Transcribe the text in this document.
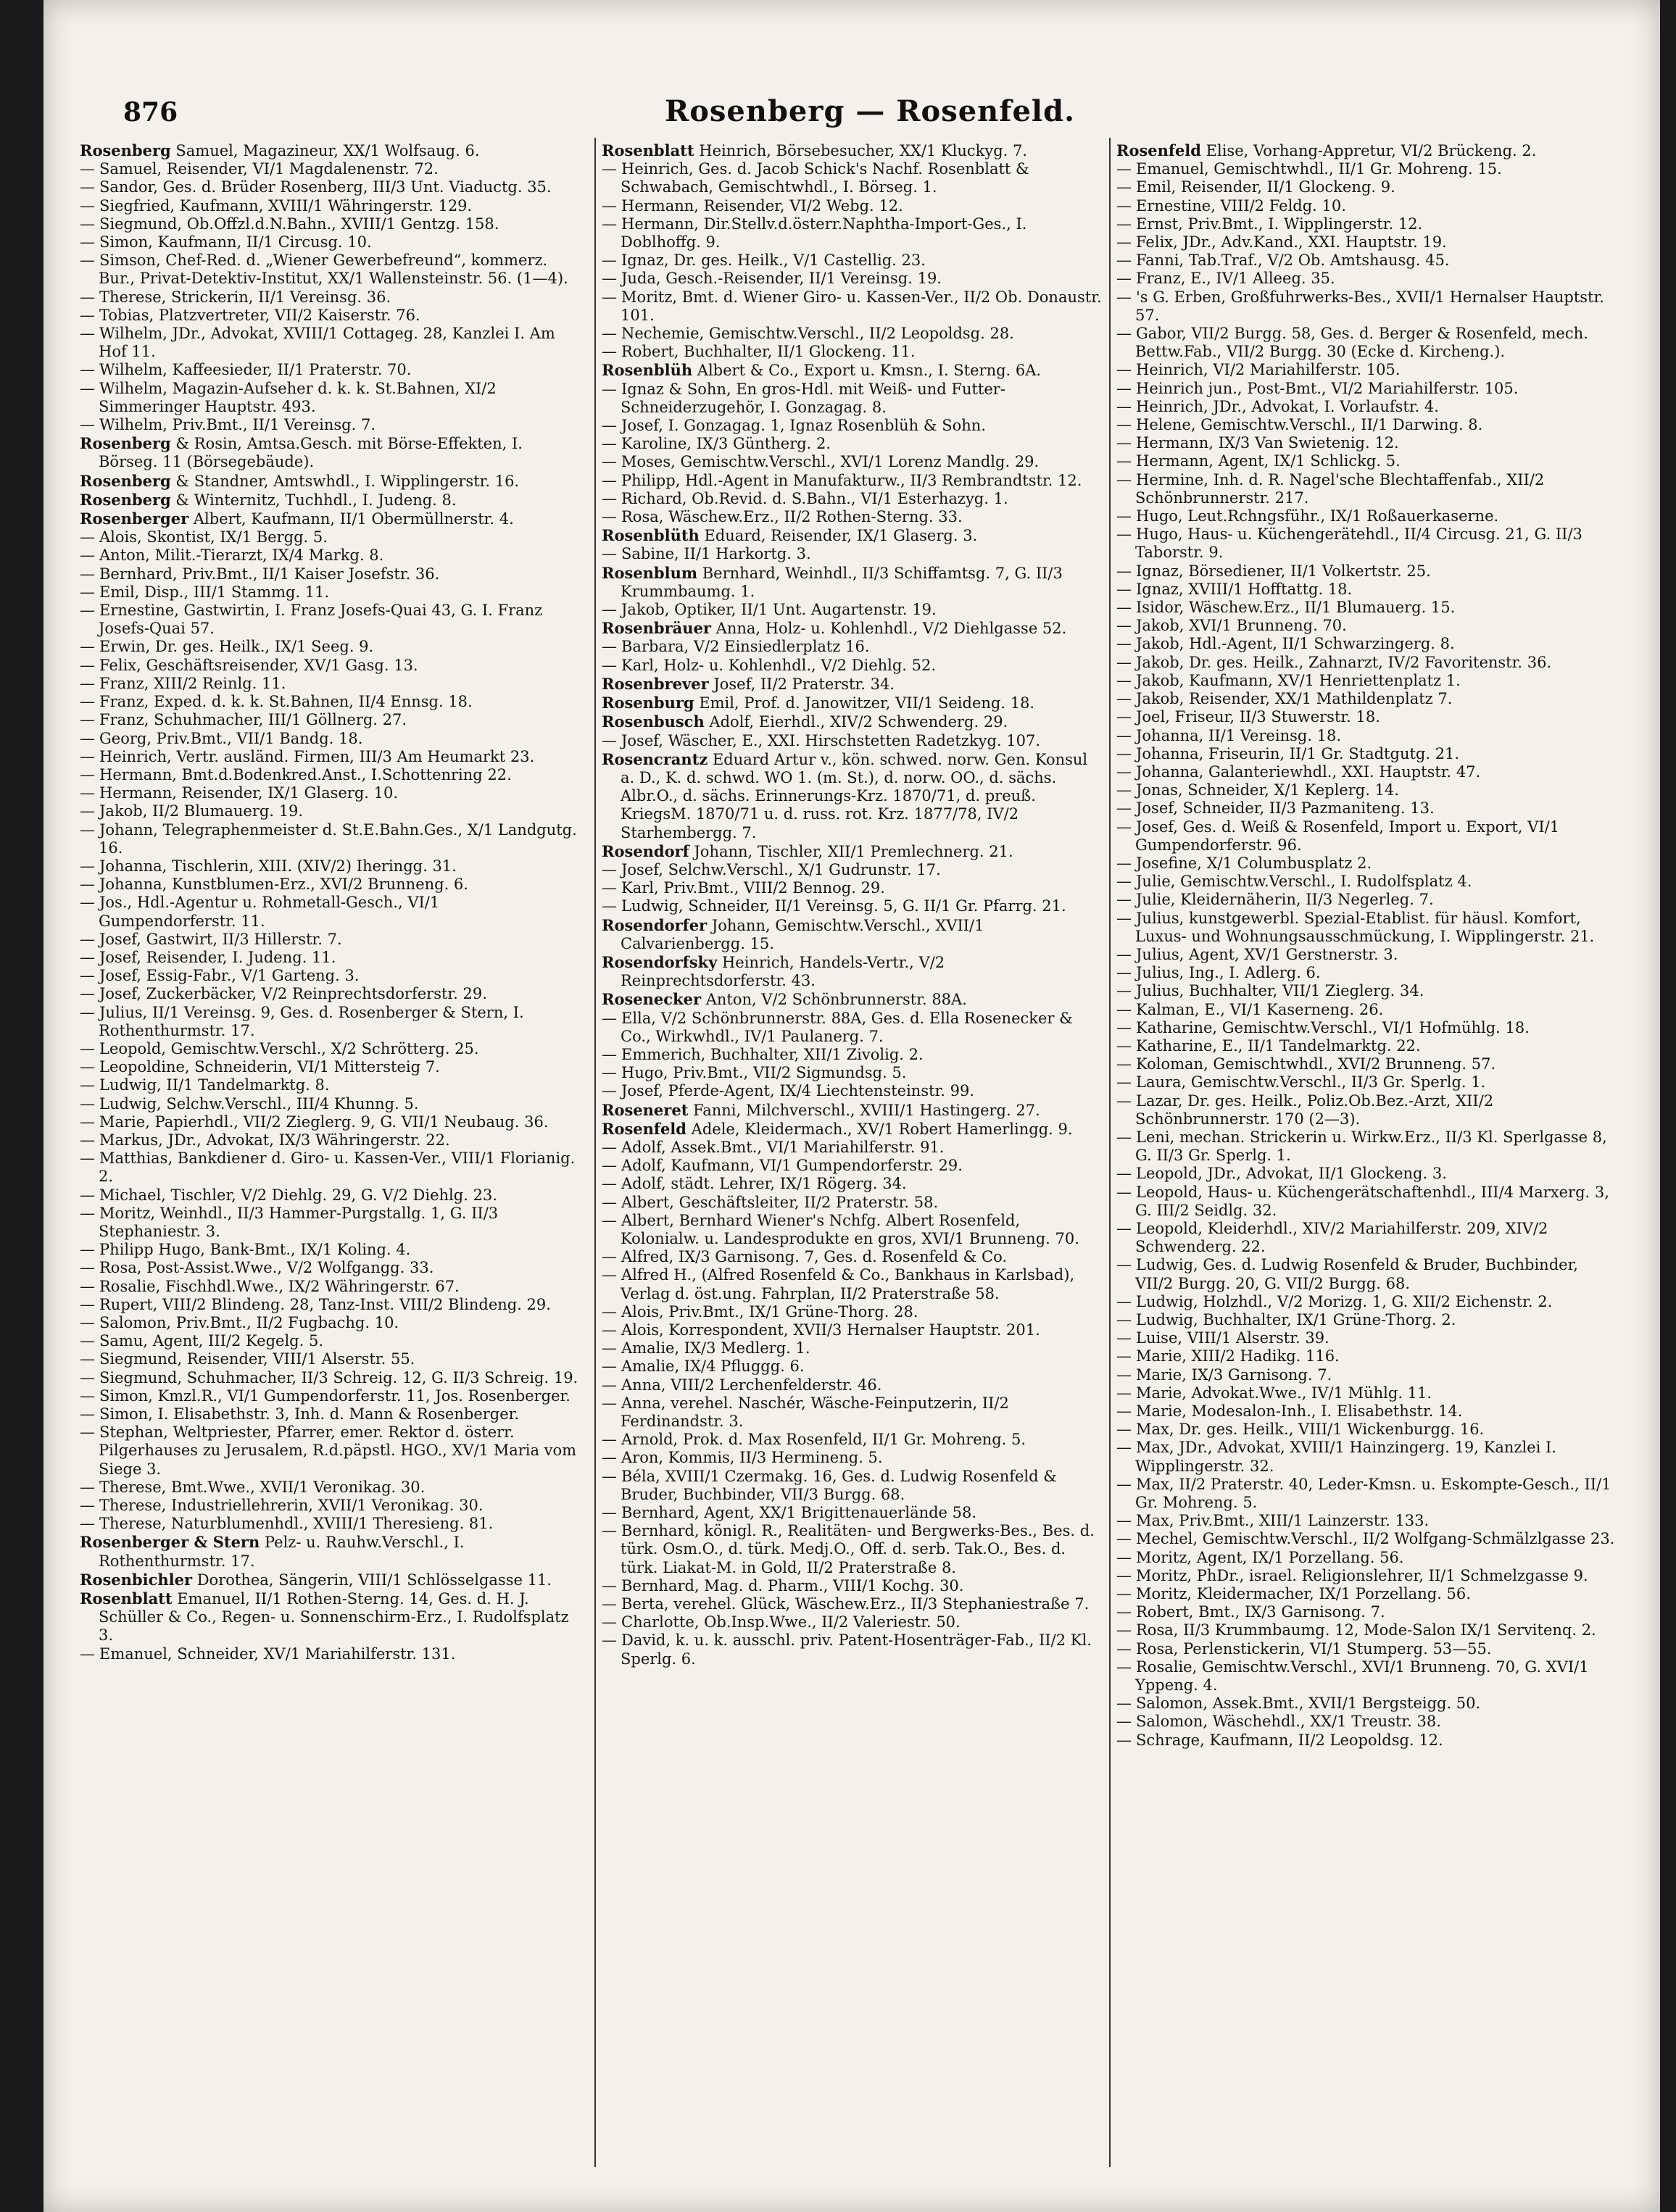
876	Rosenberg — Rosenfeld.

Rosenberg Samuel, Magazineur, XX/1 Wolfsaug. 6.

— Samuel, Reisender, VI/1 Magdalenenstr. 72.

— Sandor, Ges. d. Brüder Rosenberg, III/3 Unt. Viaductg. 35.

— Siegfried, Kaufmann, XVIII/1 Währingerstr. 129.

— Siegmund, Ob.Offzl.d.N.Bahn., XVIII/1 Gentzg. 158.

— Simon, Kaufmann, II/1 Circusg. 10.

— Simson, Chef-Red. d. „Wiener Gewerbefreund“, kommerz. Bur., Privat-Detektiv-Institut, XX/1 Wallensteinstr. 56. (1—4).

— Therese, Strickerin, II/1 Vereinsg. 36.

— Tobias, Platzvertreter, VII/2 Kaiserstr. 76.

— Wilhelm, JDr., Advokat, XVIII/1 Cottageg. 28, Kanzlei I. Am Hof 11.

— Wilhelm, Kaffeesieder, II/1 Praterstr. 70.

— Wilhelm, Magazin-Aufseher d. k. k. St.Bahnen, XI/2 Simmeringer Hauptstr. 493.

— Wilhelm, Priv.Bmt., II/1 Vereinsg. 7.

Rosenberg & Rosin, Amtsa.Gesch. mit Börse-Effekten, I. Börseg. 11 (Börsegebäude).

Rosenberg & Standner, Amtswhdl., I. Wipplingerstr. 16.

Rosenberg & Winternitz, Tuchhdl., I. Judeng. 8.

Rosenberger Albert, Kaufmann, II/1 Obermüllnerstr. 4.

— Alois, Skontist, IX/1 Bergg. 5.

— Anton, Milit.-Tierarzt, IX/4 Markg. 8.

— Bernhard, Priv.Bmt., II/1 Kaiser Josefstr. 36.

— Emil, Disp., III/1 Stammg. 11.

— Ernestine, Gastwirtin, I. Franz Josefs-Quai 43, G. I. Franz Josefs-Quai 57.

— Erwin, Dr. ges. Heilk., IX/1 Seeg. 9.

— Felix, Geschäftsreisender, XV/1 Gasg. 13.

— Franz, XIII/2 Reinlg. 11.

— Franz, Exped. d. k. k. St.Bahnen, II/4 Ennsg. 18.

— Franz, Schuhmacher, III/1 Göllnerg. 27.

— Georg, Priv.Bmt., VII/1 Bandg. 18.

— Heinrich, Vertr. ausländ. Firmen, III/3 Am Heumarkt 23.

— Hermann, Bmt.d.Bodenkred.Anst., I.Schottenring 22.

— Hermann, Reisender, IX/1 Glaserg. 10.

— Jakob, II/2 Blumauerg. 19.

— Johann, Telegraphenmeister d. St.E.Bahn.Ges., X/1 Landgutg. 16.

— Johanna, Tischlerin, XIII. (XIV/2) Iheringg. 31.

— Johanna, Kunstblumen-Erz., XVI/2 Brunneng. 6.

— Jos., Hdl.-Agentur u. Rohmetall-Gesch., VI/1 Gumpendorferstr. 11.

— Josef, Gastwirt, II/3 Hillerstr. 7.

— Josef, Reisender, I. Judeng. 11.

— Josef, Essig-Fabr., V/1 Garteng. 3.

— Josef, Zuckerbäcker, V/2 Reinprechtsdorferstr. 29.

— Julius, II/1 Vereinsg. 9, Ges. d. Rosenberger & Stern, I. Rothenthurmstr. 17.

— Leopold, Gemischtw.Verschl., X/2 Schrötterg. 25.

— Leopoldine, Schneiderin, VI/1 Mittersteig 7.

— Ludwig, II/1 Tandelmarktg. 8.

— Ludwig, Selchw.Verschl., III/4 Khunng. 5.

— Marie, Papierhdl., VII/2 Zieglerg. 9, G. VII/1 Neubaug. 36.

— Markus, JDr., Advokat, IX/3 Währingerstr. 22.

— Matthias, Bankdiener d. Giro- u. Kassen-Ver., VIII/1 Florianig. 2.

— Michael, Tischler, V/2 Diehlg. 29, G. V/2 Diehlg. 23.

— Moritz, Weinhdl., II/3 Hammer-Purgstallg. 1, G. II/3 Stephaniestr. 3.

— Philipp Hugo, Bank-Bmt., IX/1 Koling. 4.

— Rosa, Post-Assist.Wwe., V/2 Wolfgangg. 33.

— Rosalie, Fischhdl.Wwe., IX/2 Währingerstr. 67.

— Rupert, VIII/2 Blindeng. 28, Tanz-Inst. VIII/2 Blindeng. 29.

— Salomon, Priv.Bmt., II/2 Fugbachg. 10.

— Samu, Agent, III/2 Kegelg. 5.

— Siegmund, Reisender, VIII/1 Alserstr. 55.

— Siegmund, Schuhmacher, II/3 Schreig. 12, G. II/3 Schreig. 19.

— Simon, Kmzl.R., VI/1 Gumpendorferstr. 11, Jos. Rosenberger.

— Simon, I. Elisabethstr. 3, Inh. d. Mann & Rosenberger.

— Stephan, Weltpriester, Pfarrer, emer. Rektor d. österr. Pilgerhauses zu Jerusalem, R.d.päpstl. HGO., XV/1 Maria vom Siege 3.

— Therese, Bmt.Wwe., XVII/1 Veronikag. 30.

— Therese, Industriellehrerin, XVII/1 Veronikag. 30.

— Therese, Naturblumenhdl., XVIII/1 Theresieng. 81.

Rosenberger & Stern Pelz- u. Rauhw.Verschl., I. Rothenthurmstr. 17.

Rosenbichler Dorothea, Sängerin, VIII/1 Schlösselgasse 11.

Rosenblatt Emanuel, II/1 Rothen-Sterng. 14, Ges. d. H. J. Schüller & Co., Regen- u. Sonnenschirm-Erz., I. Rudolfsplatz 3.

— Emanuel, Schneider, XV/1 Mariahilferstr. 131.

Rosenblatt Heinrich, Börsebesucher, XX/1 Kluckyg. 7.

— Heinrich, Ges. d. Jacob Schick's Nachf. Rosenblatt & Schwabach, Gemischtwhdl., I. Börseg. 1.

— Hermann, Reisender, VI/2 Webg. 12.

— Hermann, Dir.Stellv.d.österr.Naphtha-Import-Ges., I. Doblhoffg. 9.

— Ignaz, Dr. ges. Heilk., V/1 Castellig. 23.

— Juda, Gesch.-Reisender, II/1 Vereinsg. 19.

— Moritz, Bmt. d. Wiener Giro- u. Kassen-Ver., II/2 Ob. Donaustr. 101.

— Nechemie, Gemischtw.Verschl., II/2 Leopoldsg. 28.

— Robert, Buchhalter, II/1 Glockeng. 11.

Rosenblüh Albert & Co., Export u. Kmsn., I. Sterng. 6A.

— Ignaz & Sohn, En gros-Hdl. mit Weiß- und Futter-Schneiderzugehör, I. Gonzagag. 8.

— Josef, I. Gonzagag. 1, Ignaz Rosenblüh & Sohn.

— Karoline, IX/3 Güntherg. 2.

— Moses, Gemischtw.Verschl., XVI/1 Lorenz Mandlg. 29.

— Philipp, Hdl.-Agent in Manufakturw., II/3 Rembrandtstr. 12.

— Richard, Ob.Revid. d. S.Bahn., VI/1 Esterhazyg. 1.

— Rosa, Wäschew.Erz., II/2 Rothen-Sterng. 33.

Rosenblüth Eduard, Reisender, IX/1 Glaserg. 3.

— Sabine, II/1 Harkortg. 3.

Rosenblum Bernhard, Weinhdl., II/3 Schiffamtsg. 7, G. II/3 Krummbaumg. 1.

— Jakob, Optiker, II/1 Unt. Augartenstr. 19.

Rosenbräuer Anna, Holz- u. Kohlenhdl., V/2 Diehlgasse 52.

— Barbara, V/2 Einsiedlerplatz 16.

— Karl, Holz- u. Kohlenhdl., V/2 Diehlg. 52.

Rosenbrever Josef, II/2 Praterstr. 34.

Rosenburg Emil, Prof. d. Janowitzer, VII/1 Seideng. 18.

Rosenbusch Adolf, Eierhdl., XIV/2 Schwenderg. 29.

— Josef, Wäscher, E., XXI. Hirschstetten Radetzkyg. 107.

Rosencrantz Eduard Artur v., kön. schwed. norw. Gen. Konsul a. D., K. d. schwd. WO 1. (m. St.), d. norw. OO., d. sächs. Albr.O., d. sächs. Erinnerungs-Krz. 1870/71, d. preuß. KriegsM. 1870/71 u. d. russ. rot. Krz. 1877/78, IV/2 Starhembergg. 7.

Rosendorf Johann, Tischler, XII/1 Premlechnerg. 21.

— Josef, Selchw.Verschl., X/1 Gudrunstr. 17.

— Karl, Priv.Bmt., VIII/2 Bennog. 29.

— Ludwig, Schneider, II/1 Vereinsg. 5, G. II/1 Gr. Pfarrg. 21.

Rosendorfer Johann, Gemischtw.Verschl., XVII/1 Calvarienbergg. 15.

Rosendorfsky Heinrich, Handels-Vertr., V/2 Reinprechtsdorferstr. 43.

Rosenecker Anton, V/2 Schönbrunnerstr. 88A.

— Ella, V/2 Schönbrunnerstr. 88A, Ges. d. Ella Rosenecker & Co., Wirkwhdl., IV/1 Paulanerg. 7.

— Emmerich, Buchhalter, XII/1 Zivolig. 2.

— Hugo, Priv.Bmt., VII/2 Sigmundsg. 5.

— Josef, Pferde-Agent, IX/4 Liechtensteinstr. 99.

Roseneret Fanni, Milchverschl., XVIII/1 Hastingerg. 27.

Rosenfeld Adele, Kleidermach., XV/1 Robert Hamerlingg. 9.

— Adolf, Assek.Bmt., VI/1 Mariahilferstr. 91.

— Adolf, Kaufmann, VI/1 Gumpendorferstr. 29.

— Adolf, städt. Lehrer, IX/1 Rögerg. 34.

— Albert, Geschäftsleiter, II/2 Praterstr. 58.

— Albert, Bernhard Wiener's Nchfg. Albert Rosenfeld, Kolonialw. u. Landesprodukte en gros, XVI/1 Brunneng. 70.

— Alfred, IX/3 Garnisong. 7, Ges. d. Rosenfeld & Co.

— Alfred H., (Alfred Rosenfeld & Co., Bankhaus in Karlsbad), Verlag d. öst.ung. Fahrplan, II/2 Praterstraße 58.

— Alois, Priv.Bmt., IX/1 Grüne-Thorg. 28.

— Alois, Korrespondent, XVII/3 Hernalser Hauptstr. 201.

— Amalie, IX/3 Medlerg. 1.

— Amalie, IX/4 Pfluggg. 6.

— Anna, VIII/2 Lerchenfelderstr. 46.

— Anna, verehel. Naschér, Wäsche-Feinputzerin, II/2 Ferdinandstr. 3.

— Arnold, Prok. d. Max Rosenfeld, II/1 Gr. Mohreng. 5.

— Aron, Kommis, II/3 Hermineng. 5.

— Béla, XVIII/1 Czermakg. 16, Ges. d. Ludwig Rosenfeld & Bruder, Buchbinder, VII/3 Burgg. 68.

— Bernhard, Agent, XX/1 Brigittenauerlände 58.

— Bernhard, königl. R., Realitäten- und Bergwerks-Bes., Bes. d. türk. Osm.O., d. türk. Medj.O., Off. d. serb. Tak.O., Bes. d. türk. Liakat-M. in Gold, II/2 Praterstraße 8.

— Bernhard, Mag. d. Pharm., VIII/1 Kochg. 30.

— Berta, verehel. Glück, Wäschew.Erz., II/3 Stephaniestraße 7.

— Charlotte, Ob.Insp.Wwe., II/2 Valeriestr. 50.

— David, k. u. k. ausschl. priv. Patent-Hosenträger-Fab., II/2 Kl. Sperlg. 6.

Rosenfeld Elise, Vorhang-Appretur, VI/2 Brückeng. 2.

— Emanuel, Gemischtwhdl., II/1 Gr. Mohreng. 15.

— Emil, Reisender, II/1 Glockeng. 9.

— Ernestine, VIII/2 Feldg. 10.

— Ernst, Priv.Bmt., I. Wipplingerstr. 12.

— Felix, JDr., Adv.Kand., XXI. Hauptstr. 19.

— Fanni, Tab.Traf., V/2 Ob. Amtshausg. 45.

— Franz, E., IV/1 Alleeg. 35.

— 's G. Erben, Großfuhrwerks-Bes., XVII/1 Hernalser Hauptstr. 57.

— Gabor, VII/2 Burgg. 58, Ges. d. Berger & Rosenfeld, mech. Bettw.Fab., VII/2 Burgg. 30 (Ecke d. Kircheng.).

— Heinrich, VI/2 Mariahilferstr. 105.

— Heinrich jun., Post-Bmt., VI/2 Mariahilferstr. 105.

— Heinrich, JDr., Advokat, I. Vorlaufstr. 4.

— Helene, Gemischtw.Verschl., II/1 Darwing. 8.

— Hermann, IX/3 Van Swietenig. 12.

— Hermann, Agent, IX/1 Schlickg. 5.

— Hermine, Inh. d. R. Nagel'sche Blechtaffenfab., XII/2 Schönbrunnerstr. 217.

— Hugo, Leut.Rchngsführ., IX/1 Roßauerkaserne.

— Hugo, Haus- u. Küchengerätehdl., II/4 Circusg. 21, G. II/3 Taborstr. 9.

— Ignaz, Börsediener, II/1 Volkertstr. 25.

— Ignaz, XVIII/1 Hofftattg. 18.

— Isidor, Wäschew.Erz., II/1 Blumauerg. 15.

— Jakob, XVI/1 Brunneng. 70.

— Jakob, Hdl.-Agent, II/1 Schwarzingerg. 8.

— Jakob, Dr. ges. Heilk., Zahnarzt, IV/2 Favoritenstr. 36.

— Jakob, Kaufmann, XV/1 Henriettenplatz 1.

— Jakob, Reisender, XX/1 Mathildenplatz 7.

— Joel, Friseur, II/3 Stuwerstr. 18.

— Johanna, II/1 Vereinsg. 18.

— Johanna, Friseurin, II/1 Gr. Stadtgutg. 21.

— Johanna, Galanteriewhdl., XXI. Hauptstr. 47.

— Jonas, Schneider, X/1 Keplerg. 14.

— Josef, Schneider, II/3 Pazmaniteng. 13.

— Josef, Ges. d. Weiß & Rosenfeld, Import u. Export, VI/1 Gumpendorferstr. 96.

— Josefine, X/1 Columbusplatz 2.

— Julie, Gemischtw.Verschl., I. Rudolfsplatz 4.

— Julie, Kleidernäherin, II/3 Negerleg. 7.

— Julius, kunstgewerbl. Spezial-Etablist. für häusl. Komfort, Luxus- und Wohnungsausschmückung, I. Wipplingerstr. 21.

— Julius, Agent, XV/1 Gerstnerstr. 3.

— Julius, Ing., I. Adlerg. 6.

— Julius, Buchhalter, VII/1 Zieglerg. 34.

— Kalman, E., VI/1 Kaserneng. 26.

— Katharine, Gemischtw.Verschl., VI/1 Hofmühlg. 18.

— Katharine, E., II/1 Tandelmarktg. 22.

— Koloman, Gemischtwhdl., XVI/2 Brunneng. 57.

— Laura, Gemischtw.Verschl., II/3 Gr. Sperlg. 1.

— Lazar, Dr. ges. Heilk., Poliz.Ob.Bez.-Arzt, XII/2 Schönbrunnerstr. 170 (2—3).

— Leni, mechan. Strickerin u. Wirkw.Erz., II/3 Kl. Sperlgasse 8, G. II/3 Gr. Sperlg. 1.

— Leopold, JDr., Advokat, II/1 Glockeng. 3.

— Leopold, Haus- u. Küchengerätschaftenhdl., III/4 Marxerg. 3, G. III/2 Seidlg. 32.

— Leopold, Kleiderhdl., XIV/2 Mariahilferstr. 209, XIV/2 Schwenderg. 22.

— Ludwig, Ges. d. Ludwig Rosenfeld & Bruder, Buchbinder, VII/2 Burgg. 20, G. VII/2 Burgg. 68.

— Ludwig, Holzhdl., V/2 Morizg. 1, G. XII/2 Eichenstr. 2.

— Ludwig, Buchhalter, IX/1 Grüne-Thorg. 2.

— Luise, VIII/1 Alserstr. 39.

— Marie, XIII/2 Hadikg. 116.

— Marie, IX/3 Garnisong. 7.

— Marie, Advokat.Wwe., IV/1 Mühlg. 11.

— Marie, Modesalon-Inh., I. Elisabethstr. 14.

— Max, Dr. ges. Heilk., VIII/1 Wickenburgg. 16.

— Max, JDr., Advokat, XVIII/1 Hainzingerg. 19, Kanzlei I. Wipplingerstr. 32.

— Max, II/2 Praterstr. 40, Leder-Kmsn. u. Eskompte-Gesch., II/1 Gr. Mohreng. 5.

— Max, Priv.Bmt., XIII/1 Lainzerstr. 133.

— Mechel, Gemischtw.Verschl., II/2 Wolfgang-Schmälzlgasse 23.

— Moritz, Agent, IX/1 Porzellang. 56.

— Moritz, PhDr., israel. Religionslehrer, II/1 Schmelzgasse 9.

— Moritz, Kleidermacher, IX/1 Porzellang. 56.

— Robert, Bmt., IX/3 Garnisong. 7.

— Rosa, II/3 Krummbaumg. 12, Mode-Salon IX/1 Servitenq. 2.

— Rosa, Perlenstickerin, VI/1 Stumperg. 53—55.

— Rosalie, Gemischtw.Verschl., XVI/1 Brunneng. 70, G. XVI/1 Yppeng. 4.

— Salomon, Assek.Bmt., XVII/1 Bergsteigg. 50.

— Salomon, Wäschehdl., XX/1 Treustr. 38.

— Schrage, Kaufmann, II/2 Leopoldsg. 12.
